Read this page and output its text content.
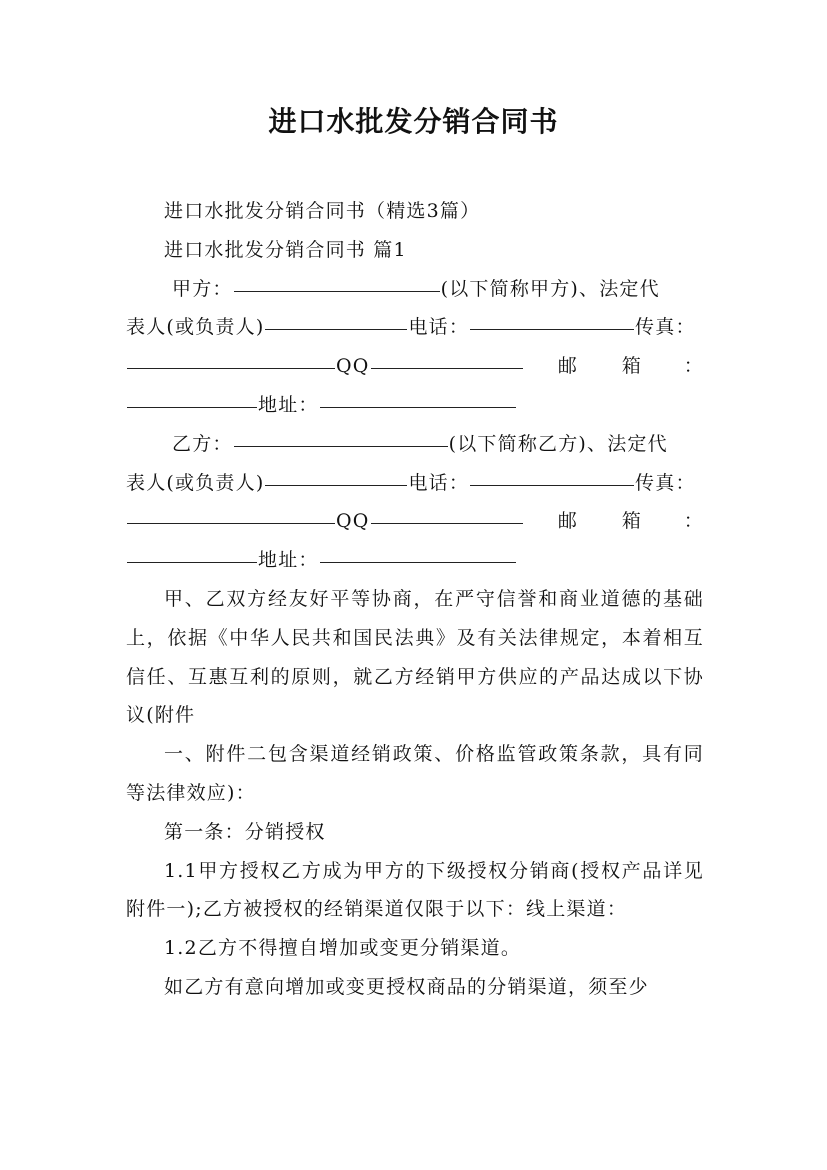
进口水批发分销合同书

进口水批发分销合同书（精选3篇）

进口水批发分销合同书 篇1

甲方：	(以下简称甲方)、法定代

表人(或负责人)	电话：	传真：

QQ	邮	箱	：

地址：

乙方：	(以下简称乙方)、法定代

表人(或负责人)	电话：	传真：

QQ	邮	箱	：

地址：

甲、乙双方经友好平等协商，在严守信誉和商业道德的基础上，依据《中华人民共和国民法典》及有关法律规定，本着相互信任、互惠互利的原则，就乙方经销甲方供应的产品达成以下协议(附件

一、附件二包含渠道经销政策、价格监管政策条款，具有同等法律效应)：

第一条：分销授权

1.1甲方授权乙方成为甲方的下级授权分销商(授权产品详见附件一);乙方被授权的经销渠道仅限于以下：线上渠道：

1.2乙方不得擅自增加或变更分销渠道。

如乙方有意向增加或变更授权商品的分销渠道，须至少
